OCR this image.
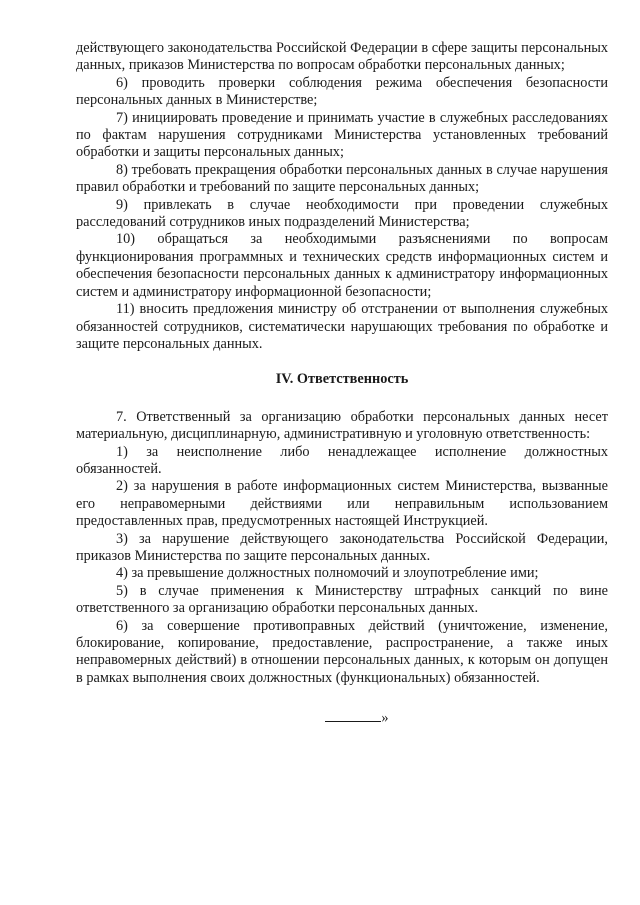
действующего законодательства Российской Федерации в сфере защиты персональных данных, приказов Министерства по вопросам обработки персональных данных;

6) проводить проверки соблюдения режима обеспечения безопасности персональных данных в Министерстве;

7) инициировать проведение и принимать участие в служебных расследованиях по фактам нарушения сотрудниками Министерства установленных требований обработки и защиты персональных данных;

8) требовать прекращения обработки персональных данных в случае нарушения правил обработки и требований по защите персональных данных;

9) привлекать в случае необходимости при проведении служебных расследований сотрудников иных подразделений Министерства;

10) обращаться за необходимыми разъяснениями по вопросам функционирования программных и технических средств информационных систем и обеспечения безопасности персональных данных к администратору информационных систем и администратору информационной безопасности;

11) вносить предложения министру об отстранении от выполнения служебных обязанностей сотрудников, систематически нарушающих требования по обработке и защите персональных данных.

IV. Ответственность

7. Ответственный за организацию обработки персональных данных несет материальную, дисциплинарную, административную и уголовную ответственность:

1) за неисполнение либо ненадлежащее исполнение должностных обязанностей.

2) за нарушения в работе информационных систем Министерства, вызванные его неправомерными действиями или неправильным использованием предоставленных прав, предусмотренных настоящей Инструкцией.

3) за нарушение действующего законодательства Российской Федерации, приказов Министерства по защите персональных данных.

4) за превышение должностных полномочий и злоупотребление ими;

5) в случае применения к Министерству штрафных санкций по вине ответственного за организацию обработки персональных данных.

6) за совершение противоправных действий (уничтожение, изменение, блокирование, копирование, предоставление, распространение, а также иных неправомерных действий) в отношении персональных данных, к которым он допущен в рамках выполнения своих должностных (функциональных) обязанностей.

»
